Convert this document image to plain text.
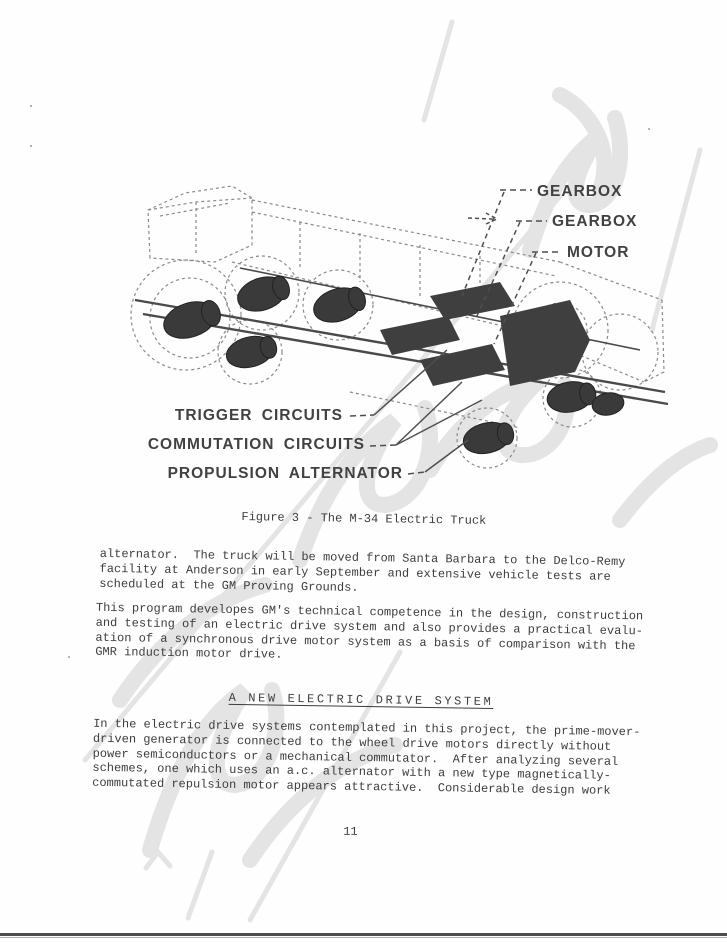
GEARBOX
GEARBOX
MOTOR
TRIGGER CIRCUITS
COMMUTATION CIRCUITS
PROPULSION ALTERNATOR
Figure 3 - The M-34 Electric Truck
alternator.  The truck will be moved from Santa Barbara to the Delco-Remy
facility at Anderson in early September and extensive vehicle tests are
scheduled at the GM Proving Grounds.
This program developes GM's technical competence in the design, construction
and testing of an electric drive system and also provides a practical evalu-
ation of a synchronous drive motor system as a basis of comparison with the
GMR induction motor drive.
A NEW ELECTRIC DRIVE SYSTEM
In the electric drive systems contemplated in this project, the prime-mover-
driven generator is connected to the wheel drive motors directly without
power semiconductors or a mechanical commutator.  After analyzing several
schemes, one which uses an a.c. alternator with a new type magnetically-
commutated repulsion motor appears attractive.  Considerable design work
11
